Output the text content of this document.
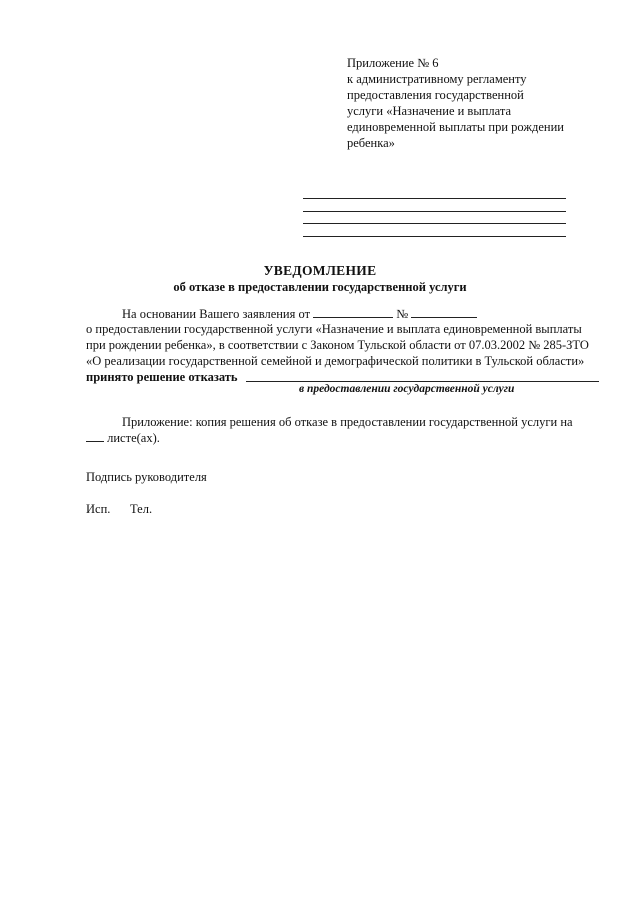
Приложение № 6
к административному регламенту
предоставления государственной
услуги «Назначение и выплата
единовременной выплаты при рождении
ребенка»
УВЕДОМЛЕНИЕ
об отказе в предоставлении государственной услуги
На основании Вашего заявления от	№
о предоставлении государственной услуги «Назначение и выплата единовременной выплаты
при рождении ребенка», в соответствии с Законом Тульской области от 07.03.2002 № 285-ЗТО
«О реализации государственной семейной и демографической политики в Тульской области»
принято решение отказать
в предоставлении государственной услуги
Приложение: копия решения об отказе в предоставлении государственной услуги на
листе(ах).
Подпись руководителя
Исп. Тел.
